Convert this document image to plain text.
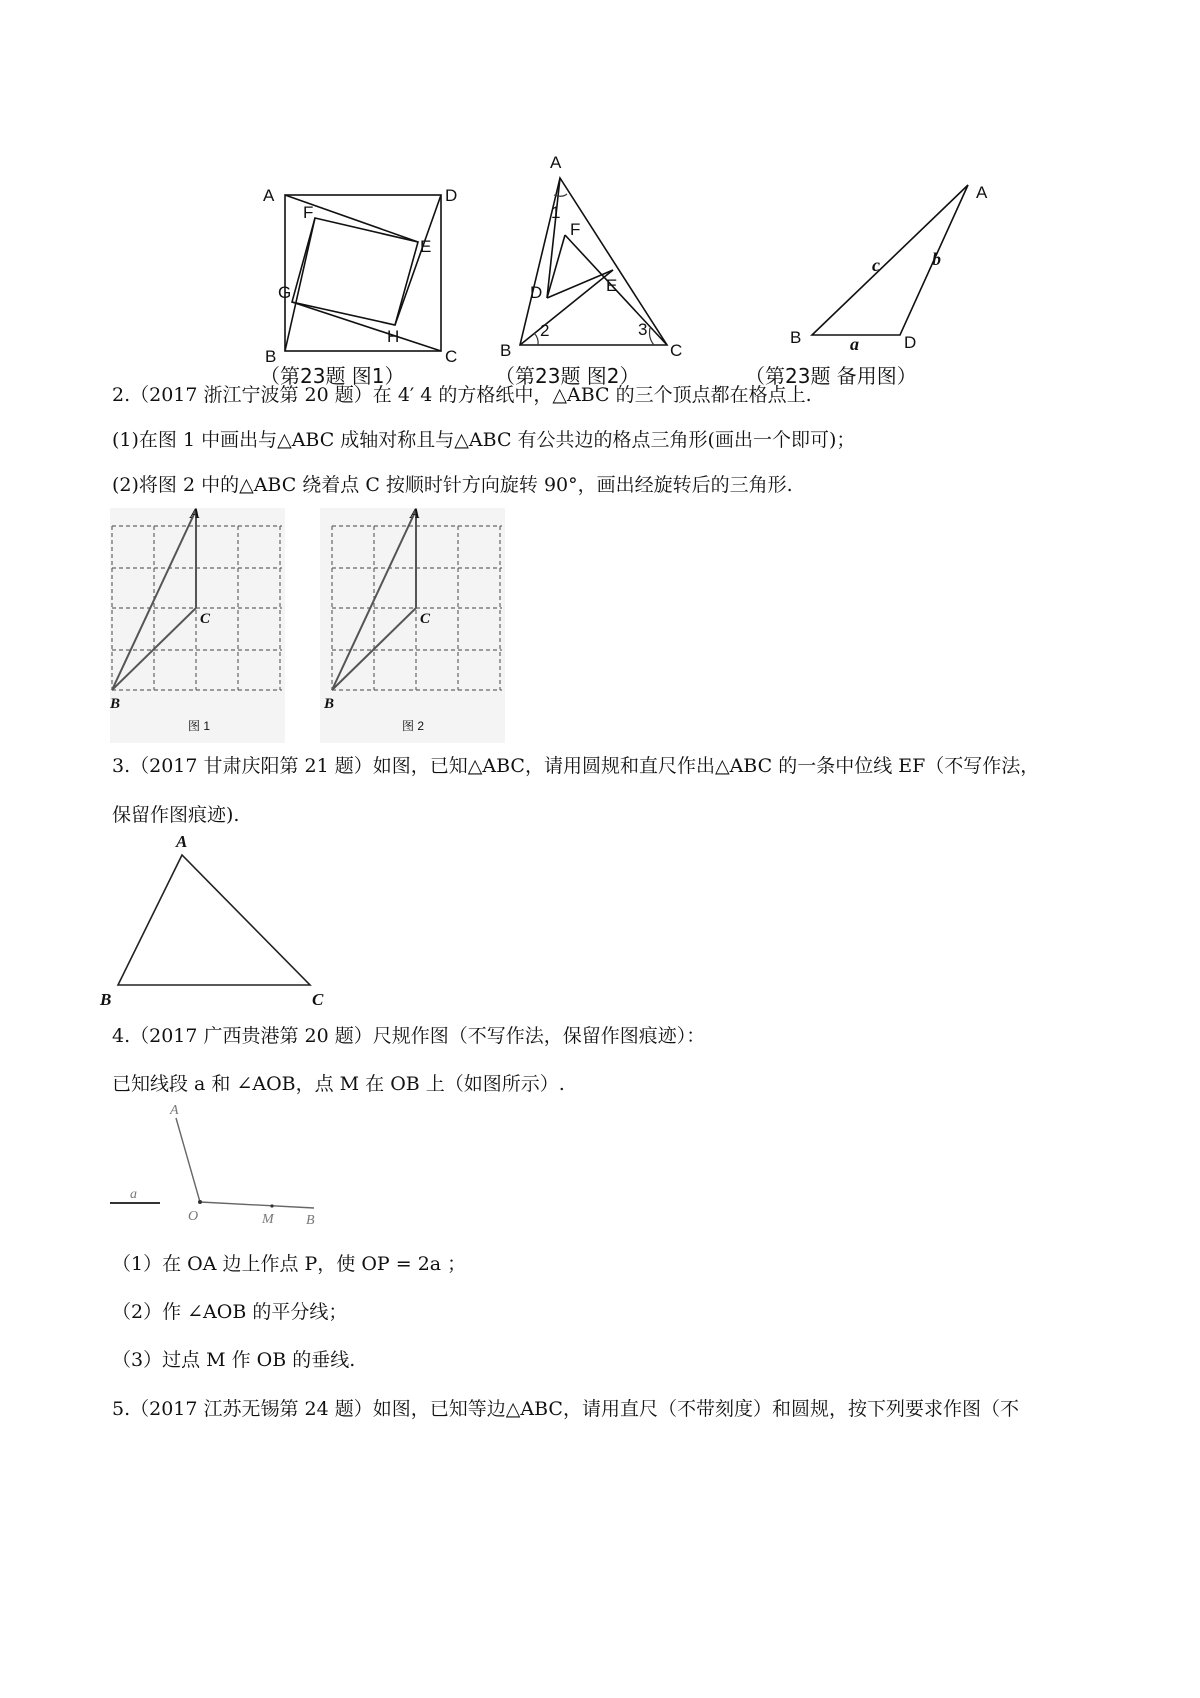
A	D
B	C
F
E
G
H
（第23题 图1）
A
B	C
D	E
F
1
2	3
（第23题 图2）
A
B	D
c	b
a
（第23题 备用图）
2.（2017 浙江宁波第 20 题）在 4′ 4 的方格纸中，△ABC 的三个顶点都在格点上.
(1)在图 1 中画出与△ABC 成轴对称且与△ABC 有公共边的格点三角形(画出一个即可)；
(2)将图 2 中的△ABC 绕着点 C 按顺时针方向旋转 90°，画出经旋转后的三角形.
A
B
C
图 1
A
B
C
图 2
3.（2017 甘肃庆阳第 21 题）如图，已知△ABC，请用圆规和直尺作出△ABC 的一条中位线 EF（不写作法，
保留作图痕迹).
A
B	C
4.（2017 广西贵港第 20 题）尺规作图（不写作法，保留作图痕迹）：
已知线段 a 和 ∠AOB，点 M 在 OB 上（如图所示）.
A
a
O	M B
（1）在 OA 边上作点 P，使 OP = 2a ；
（2）作 ∠AOB 的平分线；
（3）过点 M 作 OB 的垂线.
5.（2017 江苏无锡第 24 题）如图，已知等边△ABC，请用直尺（不带刻度）和圆规，按下列要求作图（不
